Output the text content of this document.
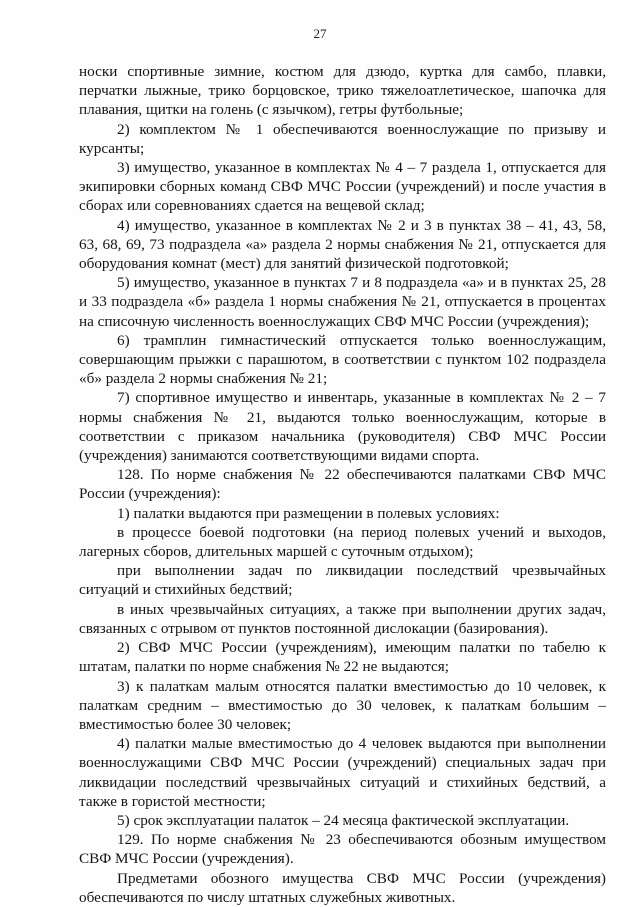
27

носки спортивные зимние, костюм для дзюдо, куртка для самбо, плавки, перчатки лыжные, трико борцовское, трико тяжелоатлетическое, шапочка для плавания, щитки на голень (с язычком), гетры футбольные;

2) комплектом № 1 обеспечиваются военнослужащие по призыву и курсанты;

3) имущество, указанное в комплектах № 4 – 7 раздела 1, отпускается для экипировки сборных команд СВФ МЧС России (учреждений) и после участия в сборах или соревнованиях сдается на вещевой склад;

4) имущество, указанное в комплектах № 2 и 3 в пунктах 38 – 41, 43, 58, 63, 68, 69, 73 подраздела «а» раздела 2 нормы снабжения № 21, отпускается для оборудования комнат (мест) для занятий физической подготовкой;

5) имущество, указанное в пунктах 7 и 8 подраздела «а» и в пунктах 25, 28 и 33 подраздела «б» раздела 1 нормы снабжения № 21, отпускается в процентах на списочную численность военнослужащих СВФ МЧС России (учреждения);

6) трамплин гимнастический отпускается только военнослужащим, совершающим прыжки с парашютом, в соответствии с пунктом 102 подраздела «б» раздела 2 нормы снабжения № 21;

7) спортивное имущество и инвентарь, указанные в комплектах № 2 – 7 нормы снабжения № 21, выдаются только военнослужащим, которые в соответствии с приказом начальника (руководителя) СВФ МЧС России (учреждения) занимаются соответствующими видами спорта.

128. По норме снабжения № 22 обеспечиваются палатками СВФ МЧС России (учреждения):

1) палатки выдаются при размещении в полевых условиях:

в процессе боевой подготовки (на период полевых учений и выходов, лагерных сборов, длительных маршей с суточным отдыхом);

при выполнении задач по ликвидации последствий чрезвычайных ситуаций и стихийных бедствий;

в иных чрезвычайных ситуациях, а также при выполнении других задач, связанных с отрывом от пунктов постоянной дислокации (базирования).

2) СВФ МЧС России (учреждениям), имеющим палатки по табелю к штатам, палатки по норме снабжения № 22 не выдаются;

3) к палаткам малым относятся палатки вместимостью до 10 человек, к палаткам средним – вместимостью до 30 человек, к палаткам большим – вместимостью более 30 человек;

4) палатки малые вместимостью до 4 человек выдаются при выполнении военнослужащими СВФ МЧС России (учреждений) специальных задач при ликвидации последствий чрезвычайных ситуаций и стихийных бедствий, а также в гористой местности;

5) срок эксплуатации палаток – 24 месяца фактической эксплуатации.

129. По норме снабжения № 23 обеспечиваются обозным имуществом СВФ МЧС России (учреждения).

Предметами обозного имущества СВФ МЧС России (учреждения) обеспечиваются по числу штатных служебных животных.
